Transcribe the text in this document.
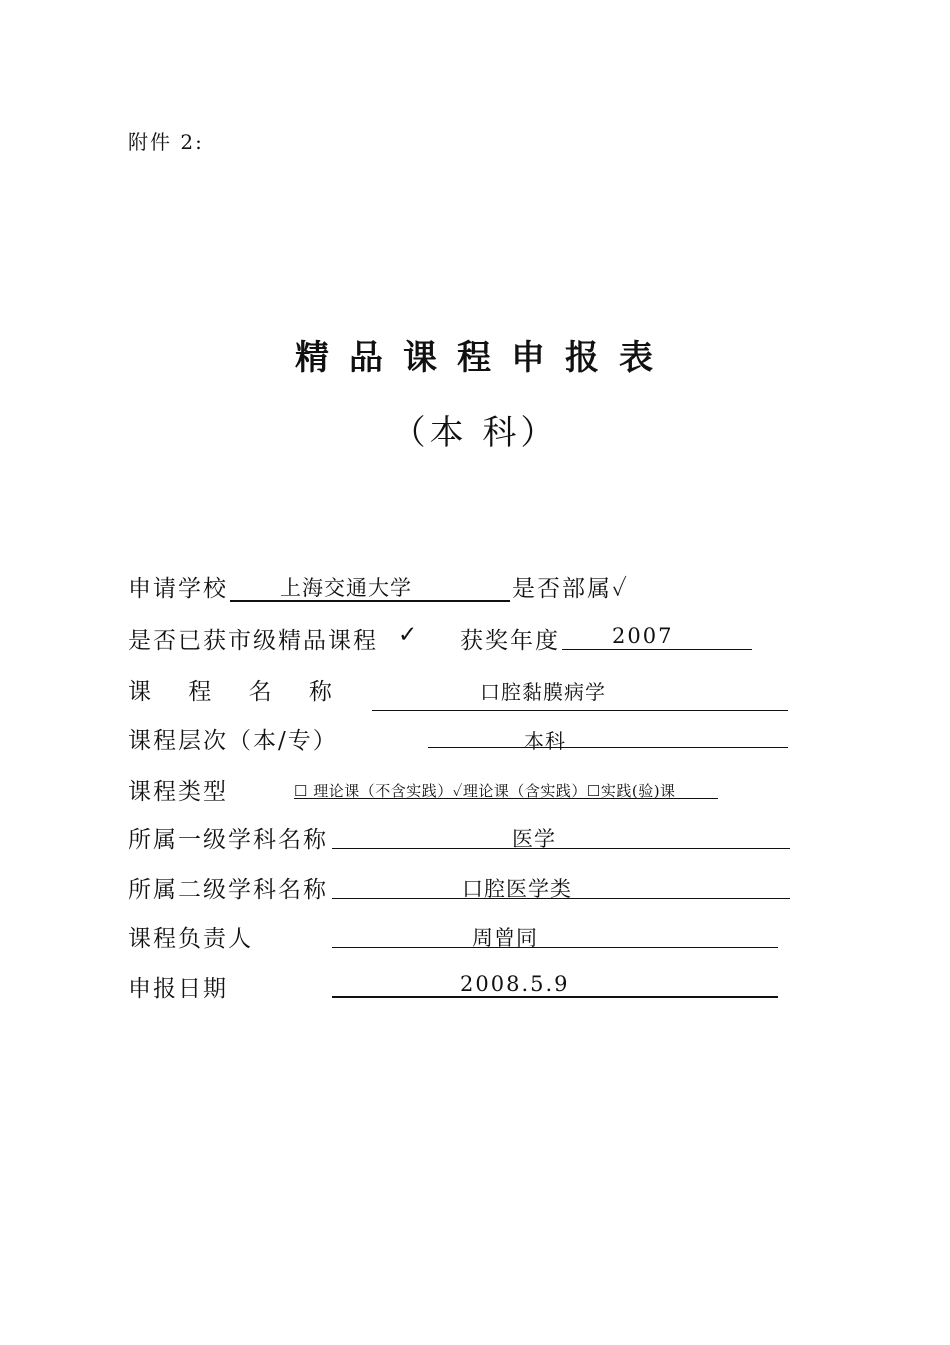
附件 2:
精品课程申报表
（本 科）
申请学校 上海交通大学	是否部属✓
是否已获市级精品课程 ✓ 获奖年度 2007
课 程 名 称	口腔黏膜病学
课程层次（本/专）	本科
课程类型	☐ 理论课（不含实践）✓理论课（含实践）☐实践(验)课
所属一级学科名称	医学
所属二级学科名称	口腔医学类
课程负责人	周曾同
申报日期	2008.5.9
